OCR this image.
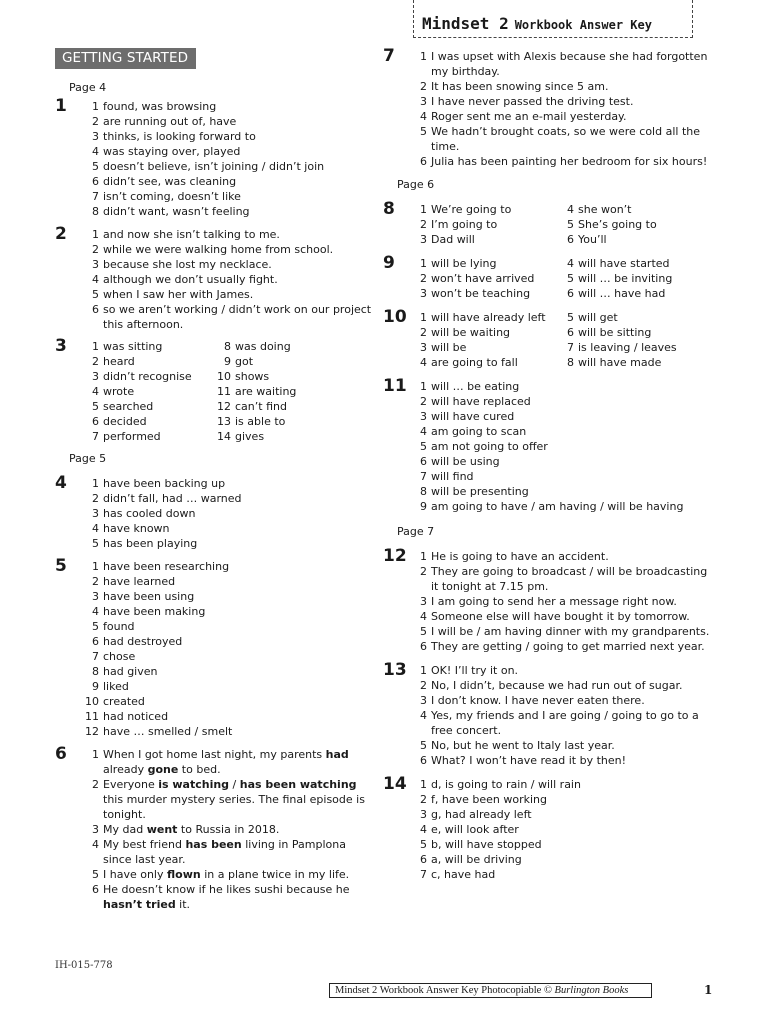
Mindset 2 Workbook Answer Key
GETTING STARTED
Page 4
1	1 found, was browsing
2 are running out of, have
3 thinks, is looking forward to
4 was staying over, played
5 doesn’t believe, isn’t joining / didn’t join
6 didn’t see, was cleaning
7 isn’t coming, doesn’t like
8 didn’t want, wasn’t feeling
2	1 and now she isn’t talking to me.
2 while we were walking home from school.
3 because she lost my necklace.
4 although we don’t usually fight.
5 when I saw her with James.
6 so we aren’t working / didn’t work on our project this afternoon.
3	1 was sitting
2 heard
3 didn’t recognise
4 wrote
5 searched
6 decided
7 performed
8 was doing
9 got
10 shows
11 are waiting
12 can’t find
13 is able to
14 gives
Page 5
4	1 have been backing up
2 didn’t fall, had … warned
3 has cooled down
4 have known
5 has been playing
5	1 have been researching
2 have learned
3 have been using
4 have been making
5 found
6 had destroyed
7 chose
8 had given
9 liked
10 created
11 had noticed
12 have … smelled / smelt
6	1 When I got home last night, my parents had already gone to bed.
2 Everyone is watching / has been watching this murder mystery series. The final episode is tonight.
3 My dad went to Russia in 2018.
4 My best friend has been living in Pamplona since last year.
5 I have only flown in a plane twice in my life.
6 He doesn’t know if he likes sushi because he hasn’t tried it.
7	1 I was upset with Alexis because she had forgotten my birthday.
2 It has been snowing since 5 am.
3 I have never passed the driving test.
4 Roger sent me an e-mail yesterday.
5 We hadn’t brought coats, so we were cold all the time.
6 Julia has been painting her bedroom for six hours!
Page 6
8	1 We’re going to
2 I’m going to
3 Dad will
4 she won’t
5 She’s going to
6 You’ll
9	1 will be lying
2 won’t have arrived
3 won’t be teaching
4 will have started
5 will … be inviting
6 will … have had
10	1 will have already left
2 will be waiting
3 will be
4 are going to fall
5 will get
6 will be sitting
7 is leaving / leaves
8 will have made
11	1 will … be eating
2 will have replaced
3 will have cured
4 am going to scan
5 am not going to offer
6 will be using
7 will find
8 will be presenting
9 am going to have / am having / will be having
Page 7
12	1 He is going to have an accident.
2 They are going to broadcast / will be broadcasting it tonight at 7.15 pm.
3 I am going to send her a message right now.
4 Someone else will have bought it by tomorrow.
5 I will be / am having dinner with my grandparents.
6 They are getting / going to get married next year.
13	1 OK! I’ll try it on.
2 No, I didn’t, because we had run out of sugar.
3 I don’t know. I have never eaten there.
4 Yes, my friends and I are going / going to go to a free concert.
5 No, but he went to Italy last year.
6 What? I won’t have read it by then!
14	1 d, is going to rain / will rain
2 f, have been working
3 g, had already left
4 e, will look after
5 b, will have stopped
6 a, will be driving
7 c, have had
IH-015-778
Mindset 2 Workbook Answer Key Photocopiable © Burlington Books	1
